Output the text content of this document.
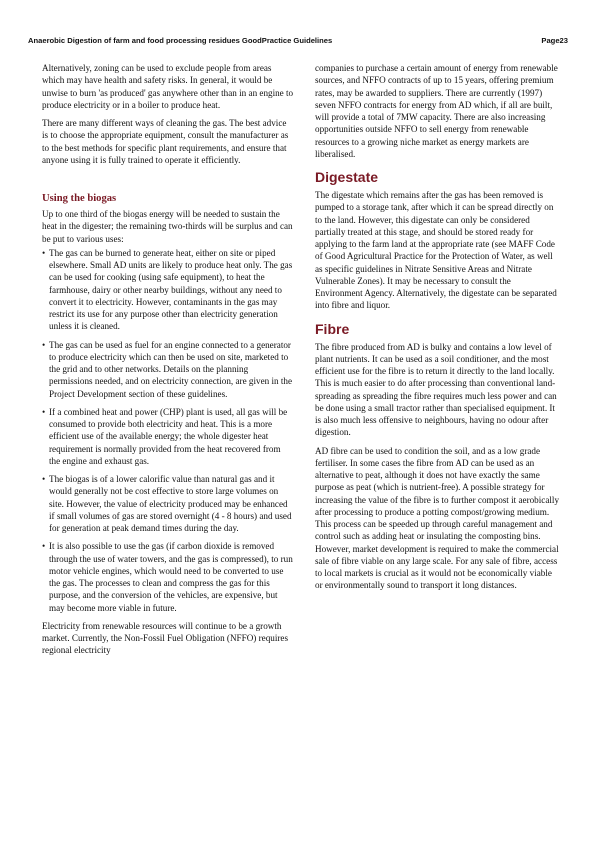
Anaerobic Digestion of farm and food processing residues GoodPractice Guidelines	Page23

Alternatively, zoning can be used to exclude people from areas which may have health and safety risks. In general, it would be unwise to burn 'as produced' gas anywhere other than in an engine to produce electricity or in a boiler to produce heat.

There are many different ways of cleaning the gas. The best advice is to choose the appropriate equipment, consult the manufacturer as to the best methods for specific plant requirements, and ensure that anyone using it is fully trained to operate it efficiently.

Using the biogas

Up to one third of the biogas energy will be needed to sustain the heat in the digester; the remaining two-thirds will be surplus and can be put to various uses:

• The gas can be burned to generate heat, either on site or piped elsewhere. Small AD units are likely to produce heat only. The gas can be used for cooking (using safe equipment), to heat the farmhouse, dairy or other nearby buildings, without any need to convert it to electricity. However, contaminants in the gas may restrict its use for any purpose other than electricity generation unless it is cleaned.
• The gas can be used as fuel for an engine connected to a generator to produce electricity which can then be used on site, marketed to the grid and to other networks. Details on the planning permissions needed, and on electricity connection, are given in the Project Development section of these guidelines.
• If a combined heat and power (CHP) plant is used, all gas will be consumed to provide both electricity and heat. This is a more efficient use of the available energy; the whole digester heat requirement is normally provided from the heat recovered from the engine and exhaust gas.
• The biogas is of a lower calorific value than natural gas and it would generally not be cost effective to store large volumes on site. However, the value of electricity produced may be enhanced if small volumes of gas are stored overnight (4 - 8 hours) and used for generation at peak demand times during the day.
• It is also possible to use the gas (if carbon dioxide is removed through the use of water towers, and the gas is compressed), to run motor vehicle engines, which would need to be converted to use the gas. The processes to clean and compress the gas for this purpose, and the conversion of the vehicles, are expensive, but may become more viable in future.

Electricity from renewable resources will continue to be a growth market. Currently, the Non-Fossil Fuel Obligation (NFFO) requires regional electricity

companies to purchase a certain amount of energy from renewable sources, and NFFO contracts of up to 15 years, offering premium rates, may be awarded to suppliers. There are currently (1997) seven NFFO contracts for energy from AD which, if all are built, will provide a total of 7MW capacity. There are also increasing opportunities outside NFFO to sell energy from renewable resources to a growing niche market as energy markets are liberalised.

Digestate

The digestate which remains after the gas has been removed is pumped to a storage tank, after which it can be spread directly on to the land. However, this digestate can only be considered partially treated at this stage, and should be stored ready for applying to the farm land at the appropriate rate (see MAFF Code of Good Agricultural Practice for the Protection of Water, as well as specific guidelines in Nitrate Sensitive Areas and Nitrate Vulnerable Zones). It may be necessary to consult the Environment Agency. Alternatively, the digestate can be separated into fibre and liquor.

Fibre

The fibre produced from AD is bulky and contains a low level of plant nutrients. It can be used as a soil conditioner, and the most efficient use for the fibre is to return it directly to the land locally. This is much easier to do after processing than conventional land-spreading as spreading the fibre requires much less power and can be done using a small tractor rather than specialised equipment. It is also much less offensive to neighbours, having no odour after digestion.

AD fibre can be used to condition the soil, and as a low grade fertiliser. In some cases the fibre from AD can be used as an alternative to peat, although it does not have exactly the same purpose as peat (which is nutrient-free). A possible strategy for increasing the value of the fibre is to further compost it aerobically after processing to produce a potting compost/growing medium. This process can be speeded up through careful management and control such as adding heat or insulating the composting bins. However, market development is required to make the commercial sale of fibre viable on any large scale. For any sale of fibre, access to local markets is crucial as it would not be economically viable or environmentally sound to transport it long distances.
